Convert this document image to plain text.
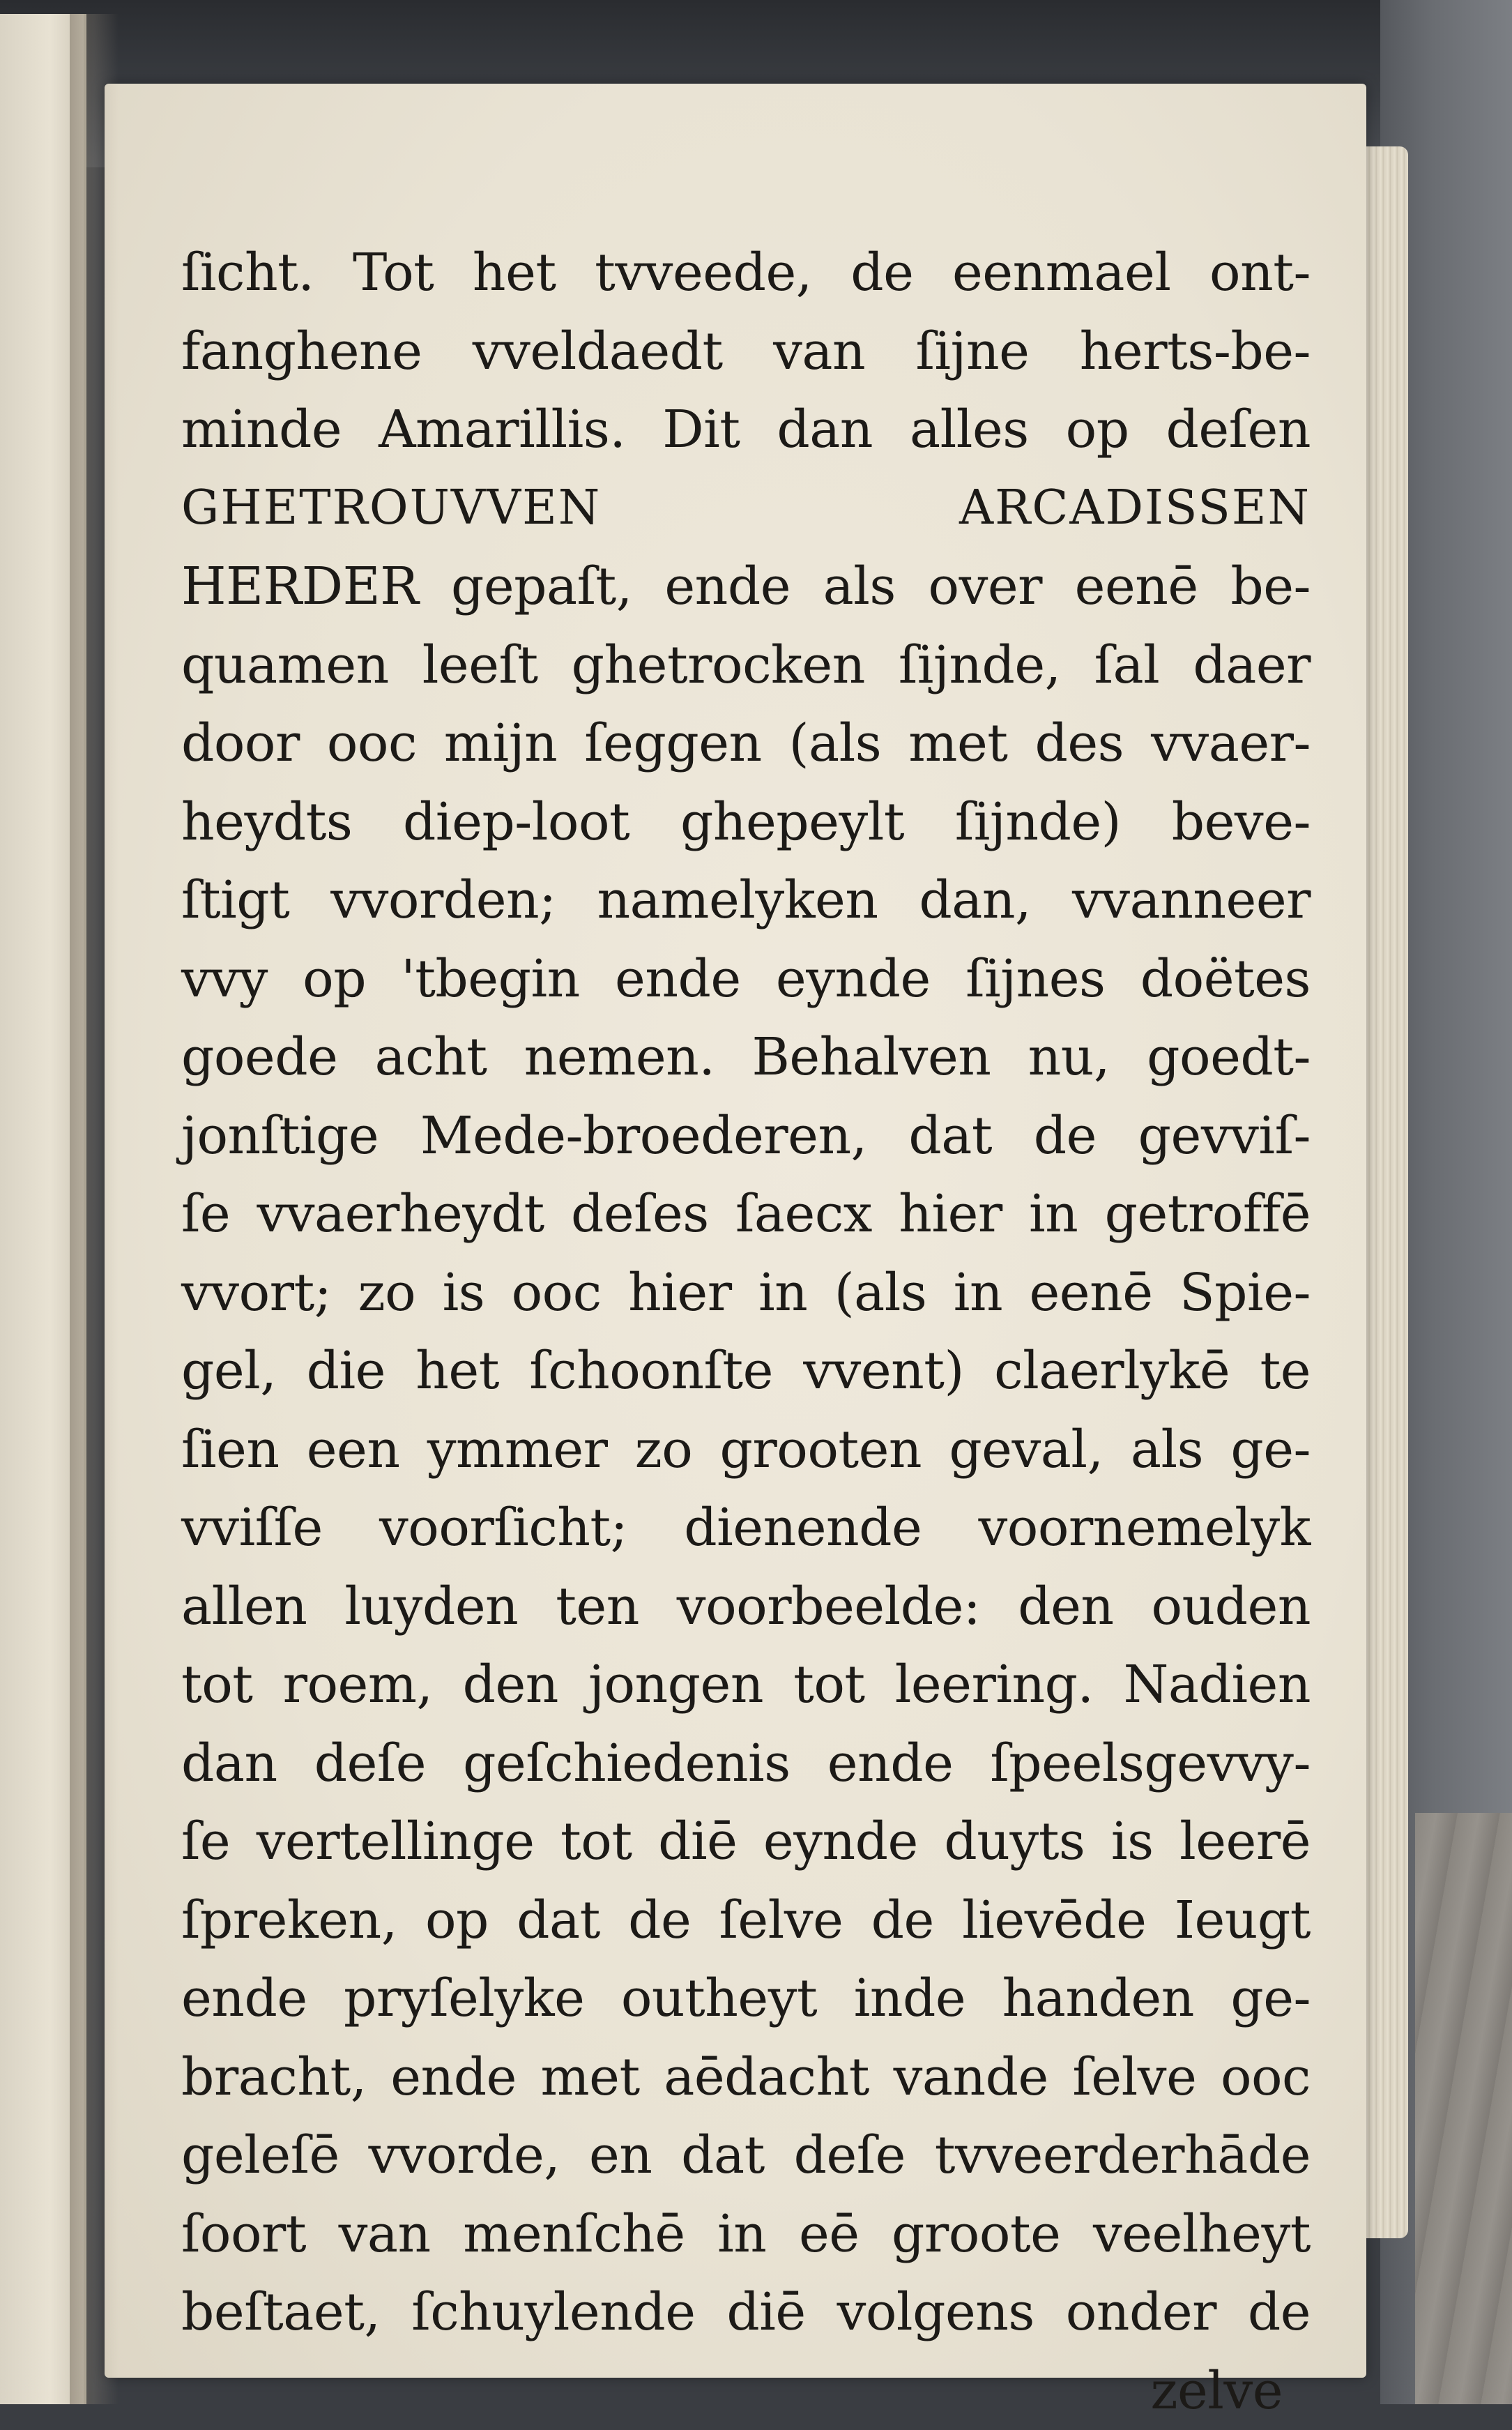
ſicht. Tot het tvveede, de eenmael ont-
fanghene vveldaedt van ſijne herts-be-
minde Amarillis. Dit dan alles op deſen
GHETROUVVEN ARCADISSEN
HERDER gepaſt, ende als over eenē be-
quamen leeſt ghetrocken ſijnde, ſal daer
door ooc mijn ſeggen (als met des vvaer-
heydts diep-loot ghepeylt ſijnde) beve-
ſtigt vvorden; namelyken dan, vvanneer
vvy op 'tbegin ende eynde ſijnes doëtes
goede acht nemen. Behalven nu, goedt-
jonſtige Mede-broederen, dat de gevviſ-
ſe vvaerheydt deſes ſaecx hier in getroffē
vvort; zo is ooc hier in (als in eenē Spie-
gel, die het ſchoonſte vvent) claerlykē te
ſien een ymmer zo grooten geval, als ge-
vviſſe voorſicht; dienende voornemelyk
allen luyden ten voorbeelde: den ouden
tot roem, den jongen tot leering. Nadien
dan deſe geſchiedenis ende ſpeelsgevvy-
ſe vertellinge tot diē eynde duyts is leerē
ſpreken, op dat de ſelve de lievēde Ieugt
ende pryſelyke outheyt inde handen ge-
bracht, ende met aēdacht vande ſelve ooc
geleſē vvorde, en dat deſe tvveerderhāde
ſoort van menſchē in eē groote veelheyt
beſtaet, ſchuylende diē volgens onder de
zelve
